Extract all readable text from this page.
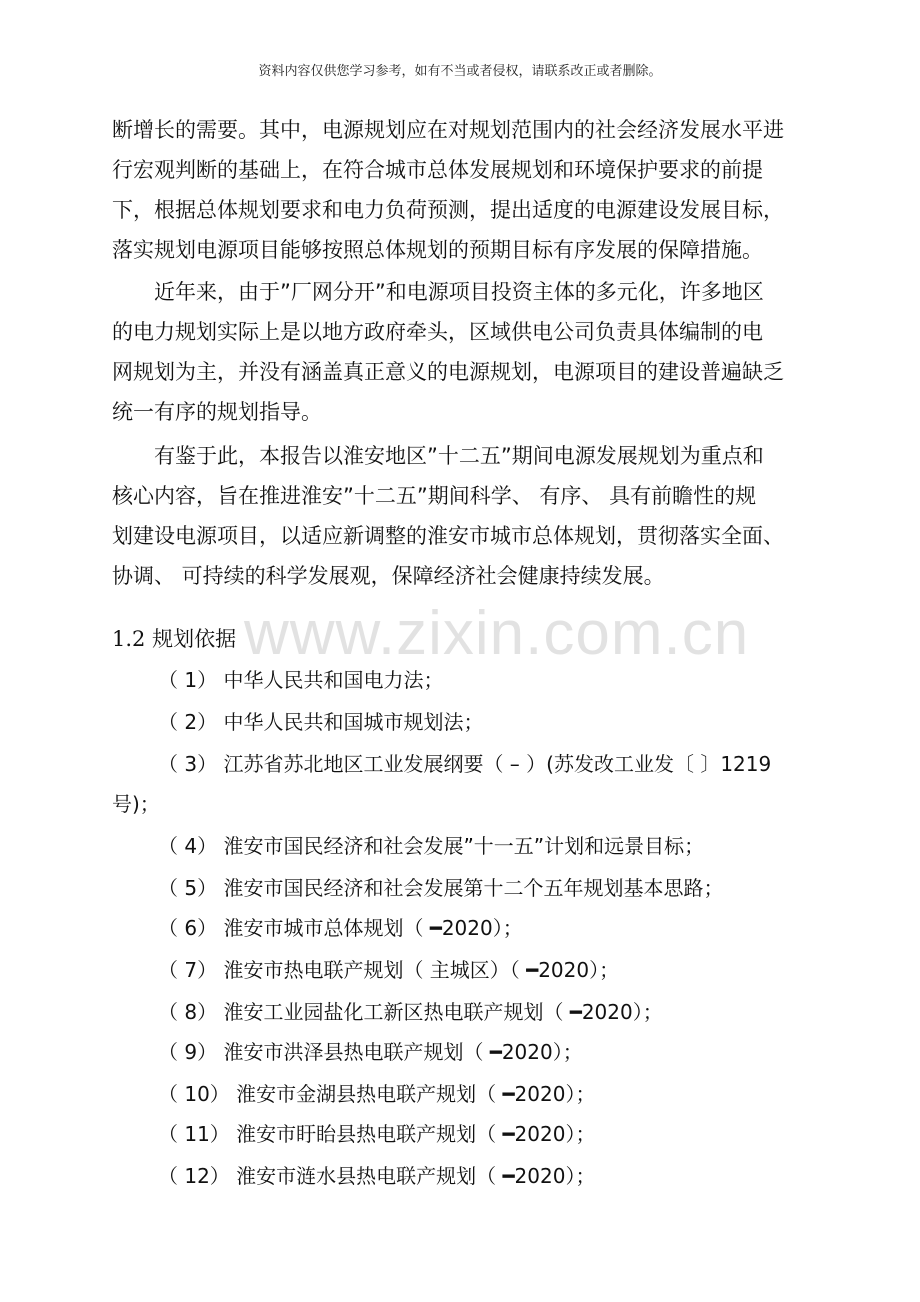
资料内容仅供您学习参考，如有不当或者侵权，请联系改正或者删除。
断增长的需要。其中，电源规划应在对规划范围内的社会经济发展水平进
行宏观判断的基础上，在符合城市总体发展规划和环境保护要求的前提
下，根据总体规划要求和电力负荷预测，提出适度的电源建设发展目标，
落实规划电源项目能够按照总体规划的预期目标有序发展的保障措施。
近年来，由于”厂网分开”和电源项目投资主体的多元化，许多地区
的电力规划实际上是以地方政府牵头，区域供电公司负责具体编制的电
网规划为主，并没有涵盖真正意义的电源规划，电源项目的建设普遍缺乏
统一有序的规划指导。
有鉴于此，本报告以淮安地区”十二五”期间电源发展规划为重点和
核心内容，旨在推进淮安”十二五”期间科学、 有序、 具有前瞻性的规
划建设电源项目，以适应新调整的淮安市城市总体规划，贯彻落实全面、
协调、 可持续的科学发展观，保障经济社会健康持续发展。
www.zixin.com.cn
1.2 规划依据
（ 1） 中华人民共和国电力法；
（ 2） 中华人民共和国城市规划法；
（ 3） 江苏省苏北地区工业发展纲要（ – ）(苏发改工业发〔 〕1219
号)；
（ 4） 淮安市国民经济和社会发展”十一五”计划和远景目标；
（ 5） 淮安市国民经济和社会发展第十二个五年规划基本思路；
（ 6） 淮安市城市总体规划（ ━2020）；
（ 7） 淮安市热电联产规划（ 主城区）（ ━2020）；
（ 8） 淮安工业园盐化工新区热电联产规划（ ━2020）；
（ 9） 淮安市洪泽县热电联产规划（ ━2020）；
（ 10） 淮安市金湖县热电联产规划（ ━2020）；
（ 11） 淮安市盱眙县热电联产规划（ ━2020）；
（ 12） 淮安市涟水县热电联产规划（ ━2020）；
